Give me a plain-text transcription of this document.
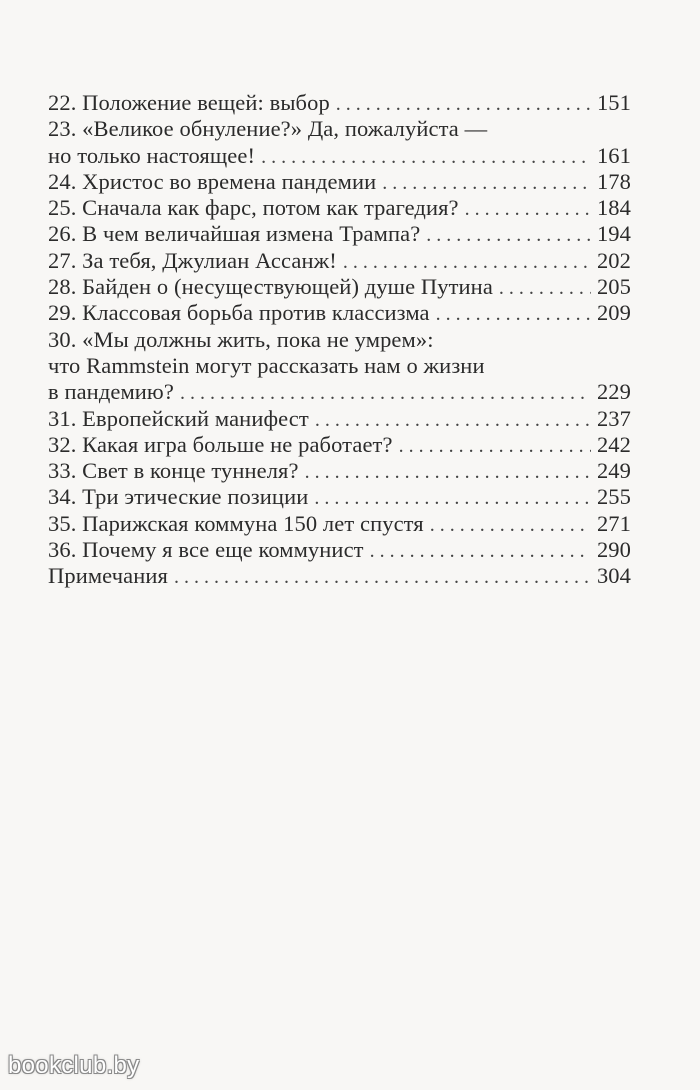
22. Положение вещей: выбор . . .	151
23. «Великое обнуление?» Да, пожалуйста —
но только настоящее! . . .	161
24. Христос во времена пандемии . . .	178
25. Сначала как фарс, потом как трагедия? . . .	184
26. В чем величайшая измена Трампа? . . .	194
27. За тебя, Джулиан Ассанж! . . .	202
28. Байден о (несуществующей) душе Путина . . .	205
29. Классовая борьба против классизма . . .	209
30. «Мы должны жить, пока не умрем»:
что Rammstein могут рассказать нам о жизни
в пандемию? . . .	229
31. Европейский манифест . . .	237
32. Какая игра больше не работает? . . .	242
33. Свет в конце туннеля? . . .	249
34. Три этические позиции . . .	255
35. Парижская коммуна 150 лет спустя . . .	271
36. Почему я все еще коммунист . . .	290
Примечания . . .	304
bookclub.by
